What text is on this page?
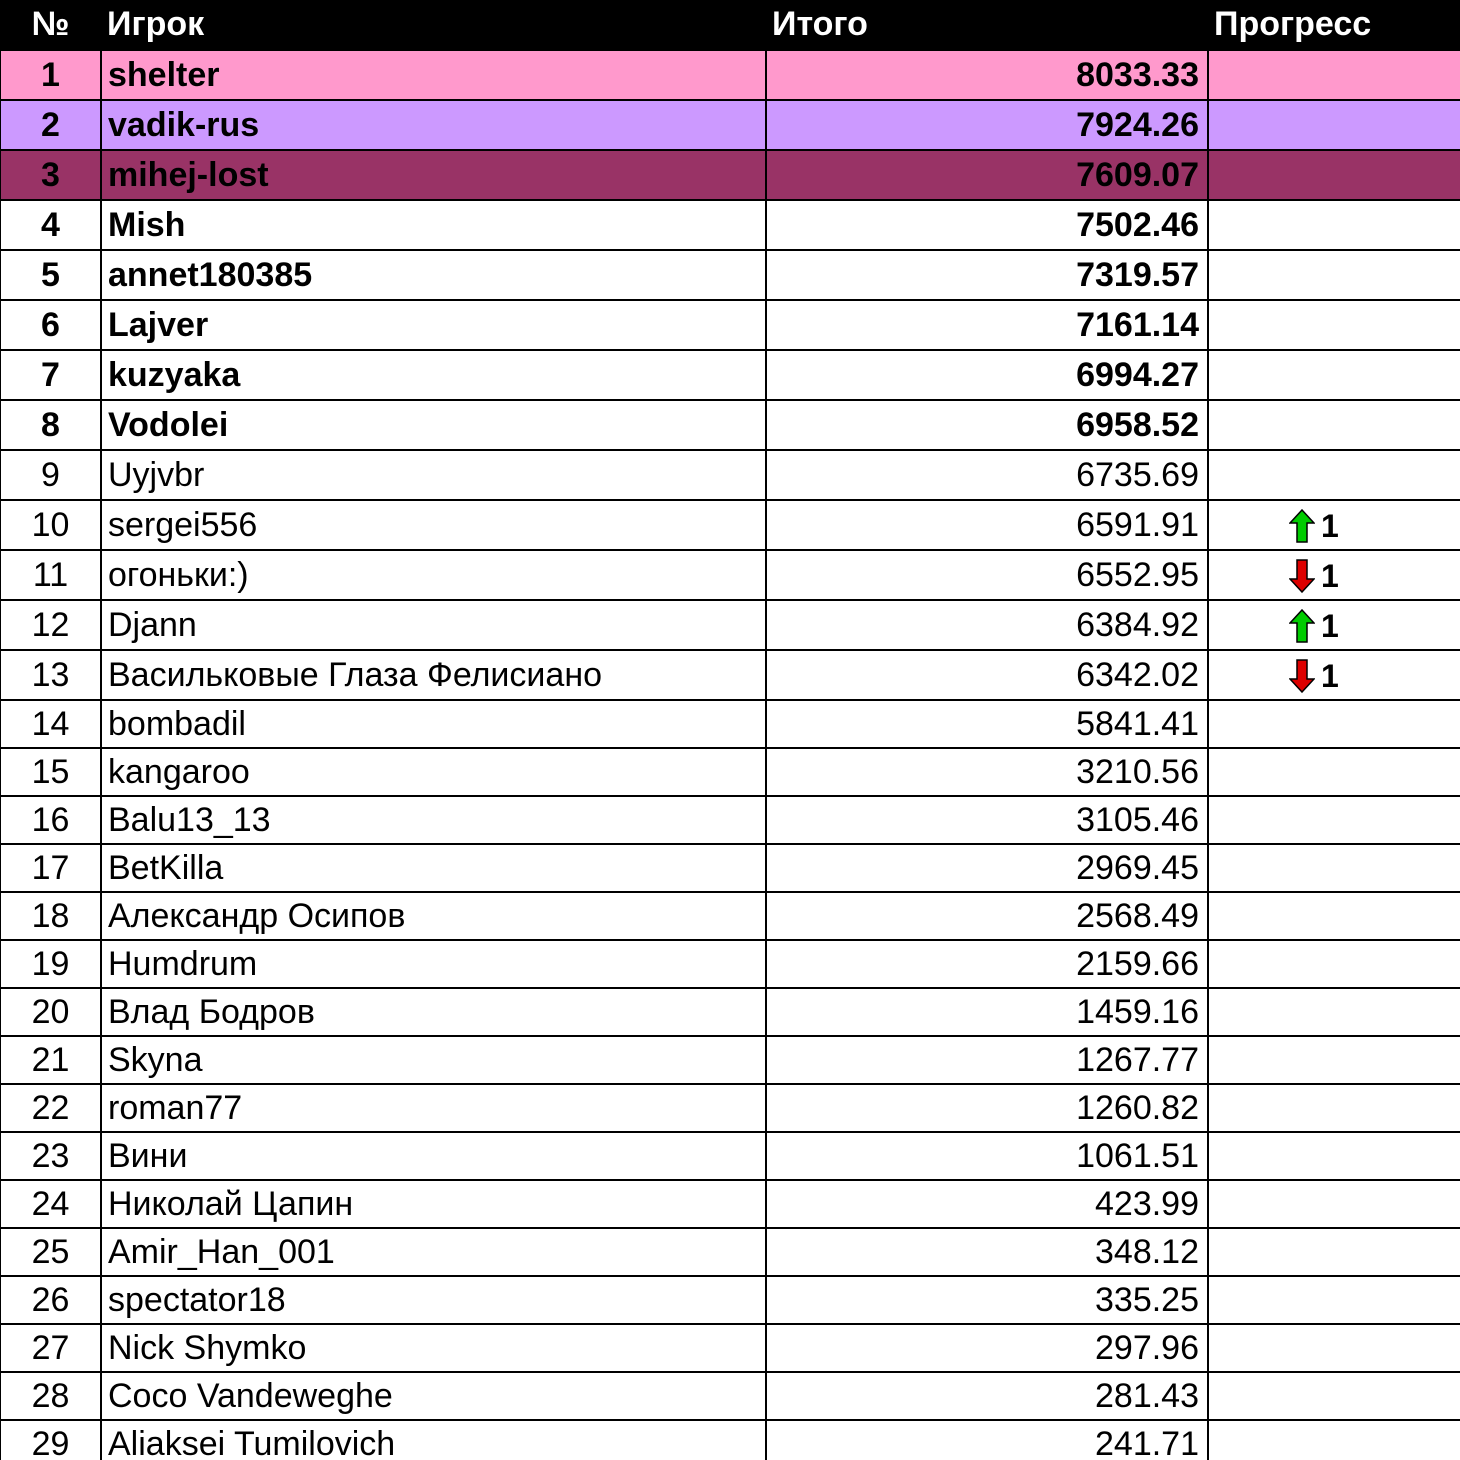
№	Игрок	Итого	Прогресс
1	shelter	8033.33	
2	vadik-rus	7924.26	
3	mihej-lost	7609.07	
4	Mish	7502.46	
5	annet180385	7319.57	
6	Lajver	7161.14	
7	kuzyaka	6994.27	
8	Vodolei	6958.52	
9	Uyjvbr	6735.69	
10	sergei556	6591.91	1
11	огоньки:)	6552.95	1
12	Djann	6384.92	1
13	Васильковые Глаза Фелисиано	6342.02	1
14	bombadil	5841.41	
15	kangaroo	3210.56	
16	Balu13_13	3105.46	
17	BetKilla	2969.45	
18	Александр Осипов	2568.49	
19	Humdrum	2159.66	
20	Влад Бодров	1459.16	
21	Skyna	1267.77	
22	roman77	1260.82	
23	Вини	1061.51	
24	Николай Цапин	423.99	
25	Amir_Han_001	348.12	
26	spectator18	335.25	
27	Nick Shymko	297.96	
28	Coco Vandeweghe	281.43	
29	Aliaksei Tumilovich	241.71	
